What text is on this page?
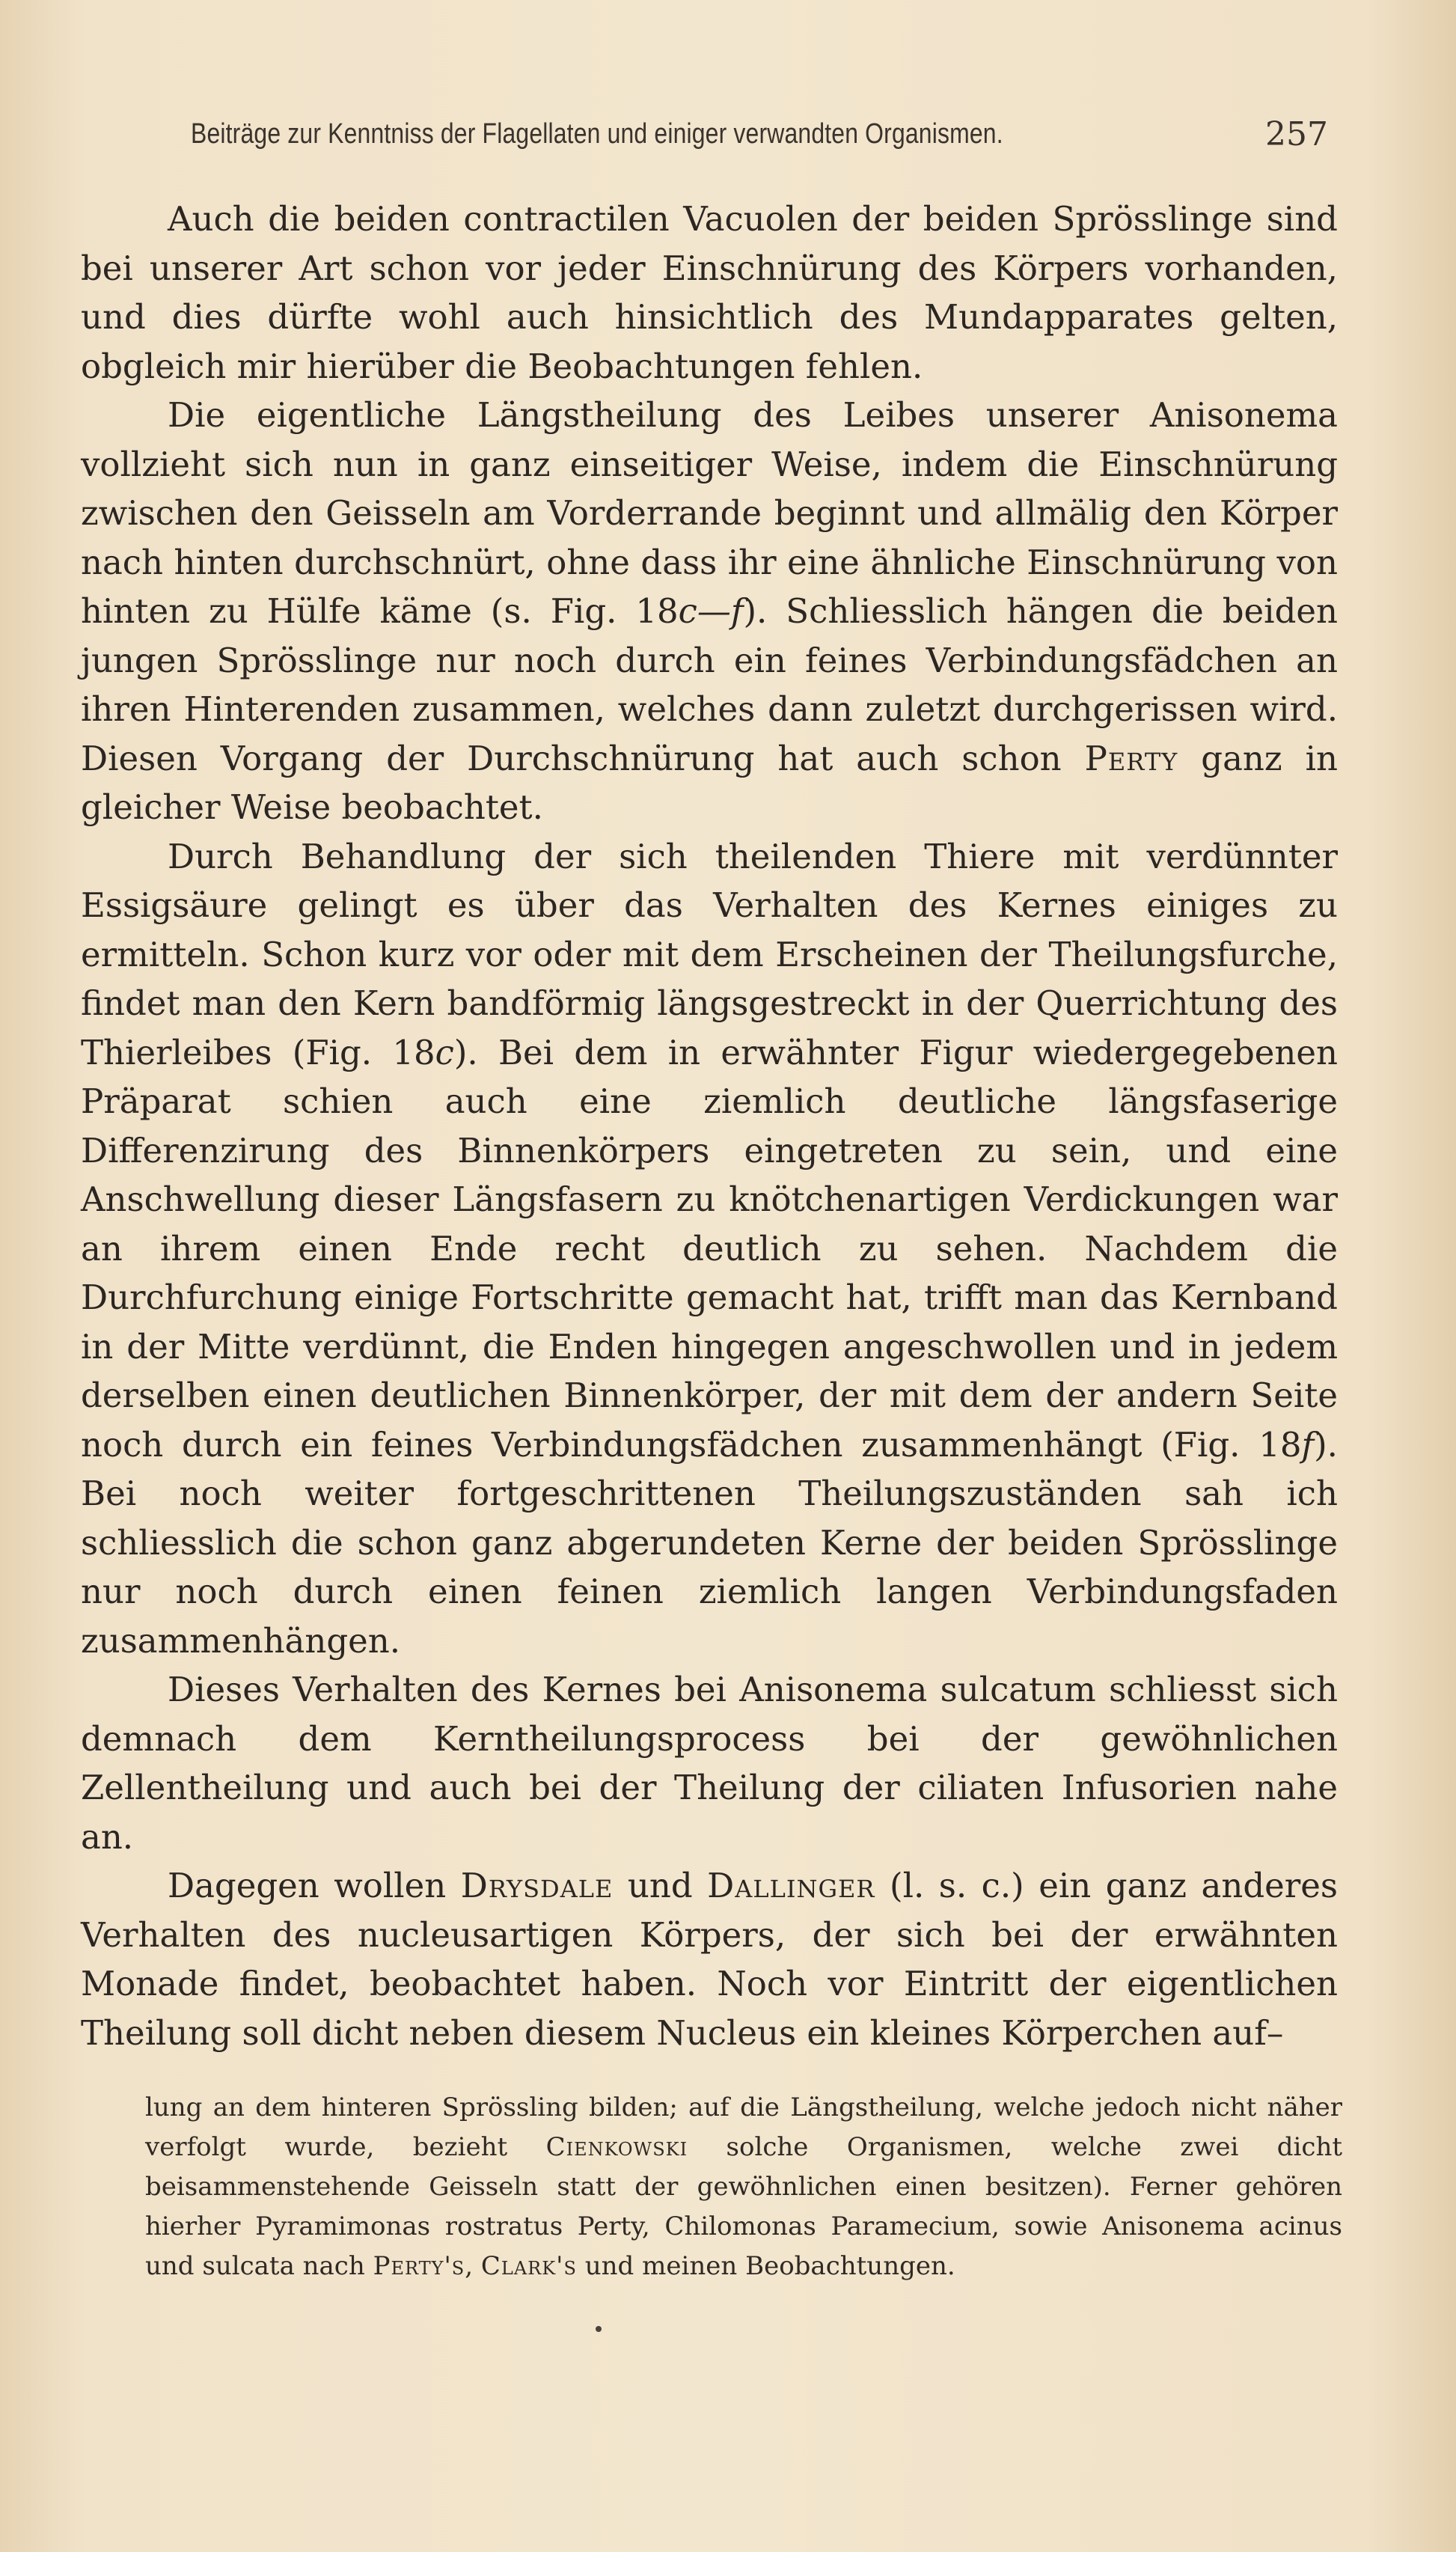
Beiträge zur Kenntniss der Flagellaten und einiger verwandten Organismen.	257

Auch die beiden contractilen Vacuolen der beiden Sprösslinge sind bei unserer Art schon vor jeder Einschnürung des Körpers vorhanden, und dies dürfte wohl auch hinsichtlich des Mundapparates gelten, obgleich mir hierüber die Beobachtungen fehlen.

Die eigentliche Längstheilung des Leibes unserer Anisonema vollzieht sich nun in ganz einseitiger Weise, indem die Einschnürung zwischen den Geisseln am Vorderrande beginnt und allmälig den Körper nach hinten durchschnürt, ohne dass ihr eine ähnliche Einschnürung von hinten zu Hülfe käme (s. Fig. 18c—f). Schliesslich hängen die beiden jungen Sprösslinge nur noch durch ein feines Verbindungsfädchen an ihren Hinterenden zusammen, welches dann zuletzt durchgerissen wird. Diesen Vorgang der Durchschnürung hat auch schon Perty ganz in gleicher Weise beobachtet.

Durch Behandlung der sich theilenden Thiere mit verdünnter Essigsäure gelingt es über das Verhalten des Kernes einiges zu ermitteln. Schon kurz vor oder mit dem Erscheinen der Theilungsfurche, findet man den Kern bandförmig längsgestreckt in der Querrichtung des Thierleibes (Fig. 18c). Bei dem in erwähnter Figur wiedergegebenen Präparat schien auch eine ziemlich deutliche längsfaserige Differenzirung des Binnenkörpers eingetreten zu sein, und eine Anschwellung dieser Längsfasern zu knötchenartigen Verdickungen war an ihrem einen Ende recht deutlich zu sehen. Nachdem die Durchfurchung einige Fortschritte gemacht hat, trifft man das Kernband in der Mitte verdünnt, die Enden hingegen angeschwollen und in jedem derselben einen deutlichen Binnenkörper, der mit dem der andern Seite noch durch ein feines Verbindungsfädchen zusammenhängt (Fig. 18f). Bei noch weiter fortgeschrittenen Theilungszuständen sah ich schliesslich die schon ganz abgerundeten Kerne der beiden Sprösslinge nur noch durch einen feinen ziemlich langen Verbindungsfaden zusammenhängen.

Dieses Verhalten des Kernes bei Anisonema sulcatum schliesst sich demnach dem Kerntheilungsprocess bei der gewöhnlichen Zellentheilung und auch bei der Theilung der ciliaten Infusorien nahe an.

Dagegen wollen Drysdale und Dallinger (l. s. c.) ein ganz anderes Verhalten des nucleusartigen Körpers, der sich bei der erwähnten Monade findet, beobachtet haben. Noch vor Eintritt der eigentlichen Theilung soll dicht neben diesem Nucleus ein kleines Körperchen auf–

lung an dem hinteren Sprössling bilden; auf die Längstheilung, welche jedoch nicht näher verfolgt wurde, bezieht Cienkowski solche Organismen, welche zwei dicht beisammenstehende Geisseln statt der gewöhnlichen einen besitzen). Ferner gehören hierher Pyramimonas rostratus Perty, Chilomonas Paramecium, sowie Anisonema acinus und sulcata nach Perty's, Clark's und meinen Beobachtungen.
